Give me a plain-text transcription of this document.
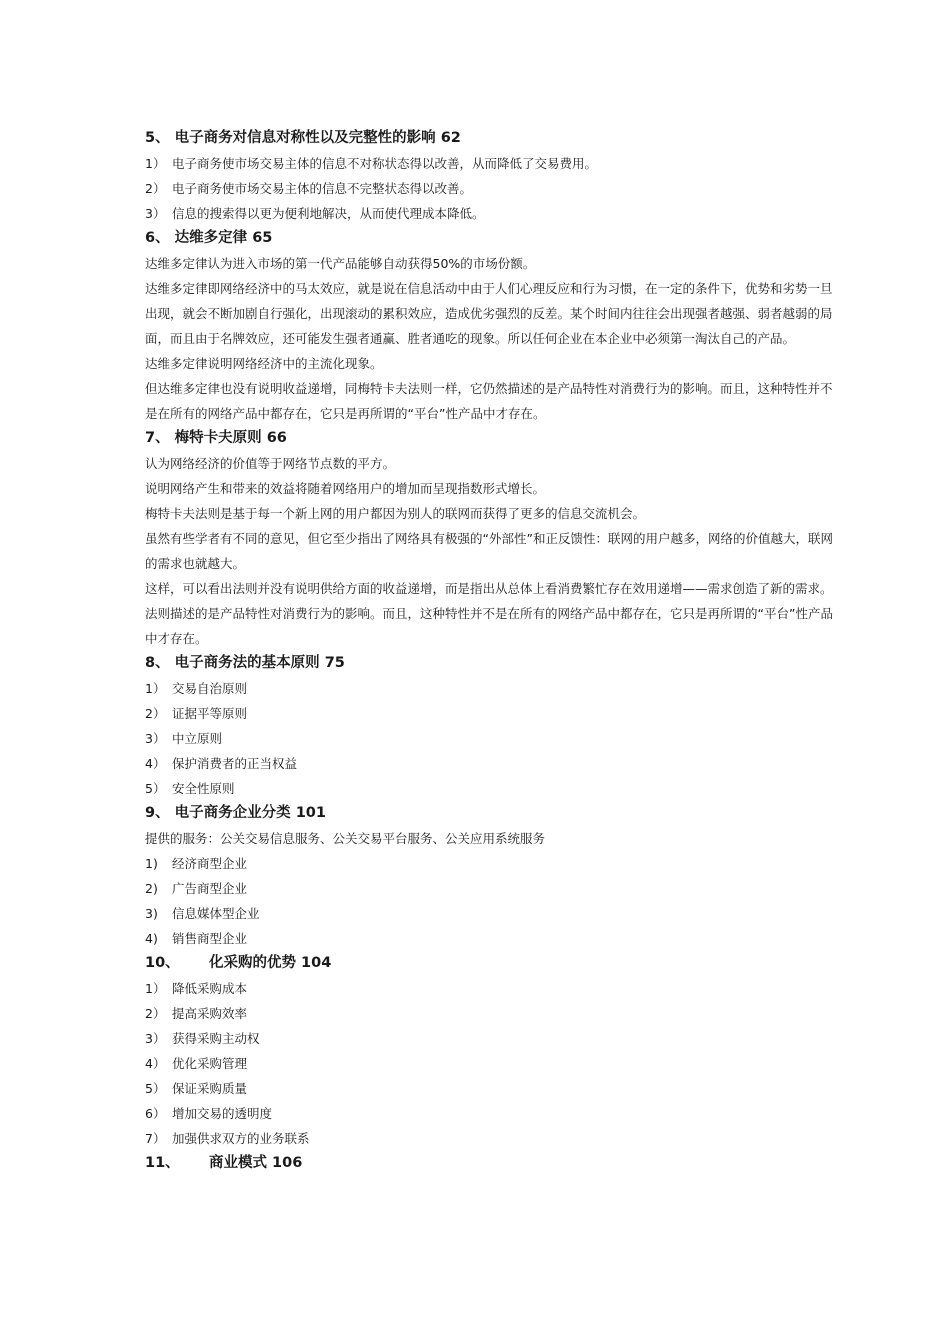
5、 电子商务对信息对称性以及完整性的影响 62
1） 电子商务使市场交易主体的信息不对称状态得以改善，从而降低了交易费用。
2） 电子商务使市场交易主体的信息不完整状态得以改善。
3） 信息的搜索得以更为便利地解决，从而使代理成本降低。
6、 达维多定律 65
达维多定律认为进入市场的第一代产品能够自动获得50%的市场份额。
达维多定律即网络经济中的马太效应，就是说在信息活动中由于人们心理反应和行为习惯，在一定的条件下，优势和劣势一旦出现，就会不断加剧自行强化，出现滚动的累积效应，造成优劣强烈的反差。某个时间内往往会出现强者越强、弱者越弱的局面，而且由于名牌效应，还可能发生强者通赢、胜者通吃的现象。所以任何企业在本企业中必须第一淘汰自己的产品。
达维多定律说明网络经济中的主流化现象。
但达维多定律也没有说明收益递增，同梅特卡夫法则一样，它仍然描述的是产品特性对消费行为的影响。而且，这种特性并不是在所有的网络产品中都存在，它只是再所谓的“平台”性产品中才存在。
7、 梅特卡夫原则 66
认为网络经济的价值等于网络节点数的平方。
说明网络产生和带来的效益将随着网络用户的增加而呈现指数形式增长。
梅特卡夫法则是基于每一个新上网的用户都因为别人的联网而获得了更多的信息交流机会。
虽然有些学者有不同的意见，但它至少指出了网络具有极强的“外部性”和正反馈性：联网的用户越多，网络的价值越大，联网的需求也就越大。
这样，可以看出法则并没有说明供给方面的收益递增，而是指出从总体上看消费繁忙存在效用递增——需求创造了新的需求。
法则描述的是产品特性对消费行为的影响。而且，这种特性并不是在所有的网络产品中都存在，它只是再所谓的“平台”性产品中才存在。
8、 电子商务法的基本原则 75
1） 交易自治原则
2） 证据平等原则
3） 中立原则
4） 保护消费者的正当权益
5） 安全性原则
9、 电子商务企业分类 101
提供的服务：公关交易信息服务、公关交易平台服务、公关应用系统服务
1) 经济商型企业
2) 广告商型企业
3) 信息媒体型企业
4) 销售商型企业
10、 化采购的优势 104
1） 降低采购成本
2） 提高采购效率
3） 获得采购主动权
4） 优化采购管理
5） 保证采购质量
6） 增加交易的透明度
7） 加强供求双方的业务联系
11、 商业模式 106
